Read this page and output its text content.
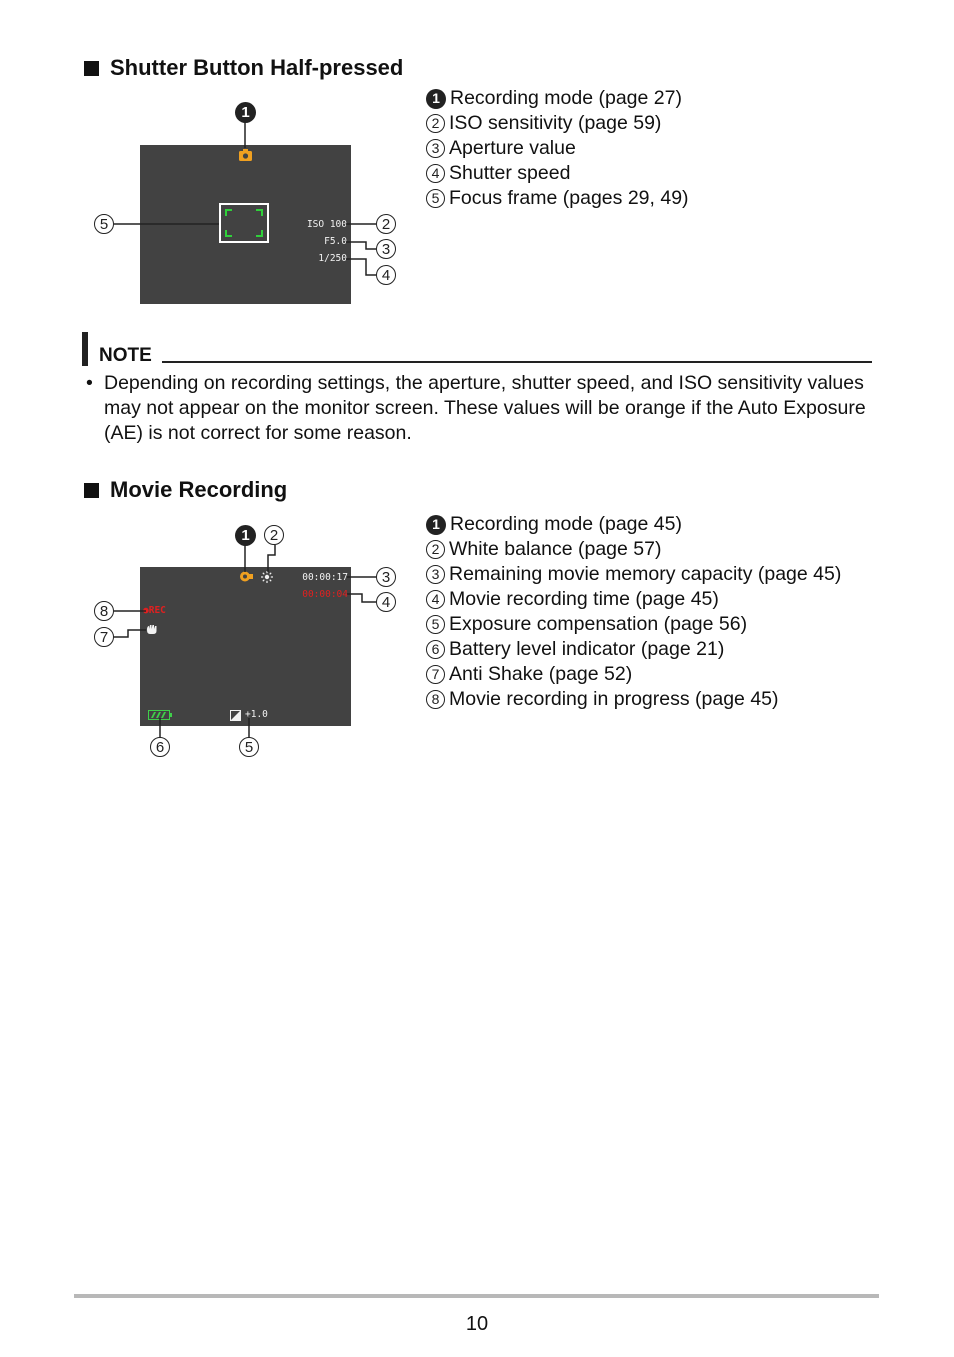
Shutter Button Half-pressed
ISO 100
F5.0
1/250
1
5	2
3
4
1 Recording mode (page 27)
2 ISO sensitivity (page 59)
3 Aperture value
4 Shutter speed
5 Focus frame (pages 29, 49)
NOTE
• Depending on recording settings, the aperture, shutter speed, and ISO sensitivity values may not appear on the monitor screen. These values will be orange if the Auto Exposure (AE) is not correct for some reason.
Movie Recording
00:00:17
00:00:04
●REC
+1.0
1	2
3
4
8
7
6	5
1 Recording mode (page 45)
2 White balance (page 57)
3 Remaining movie memory capacity (page 45)
4 Movie recording time (page 45)
5 Exposure compensation (page 56)
6 Battery level indicator (page 21)
7 Anti Shake (page 52)
8 Movie recording in progress (page 45)
10
